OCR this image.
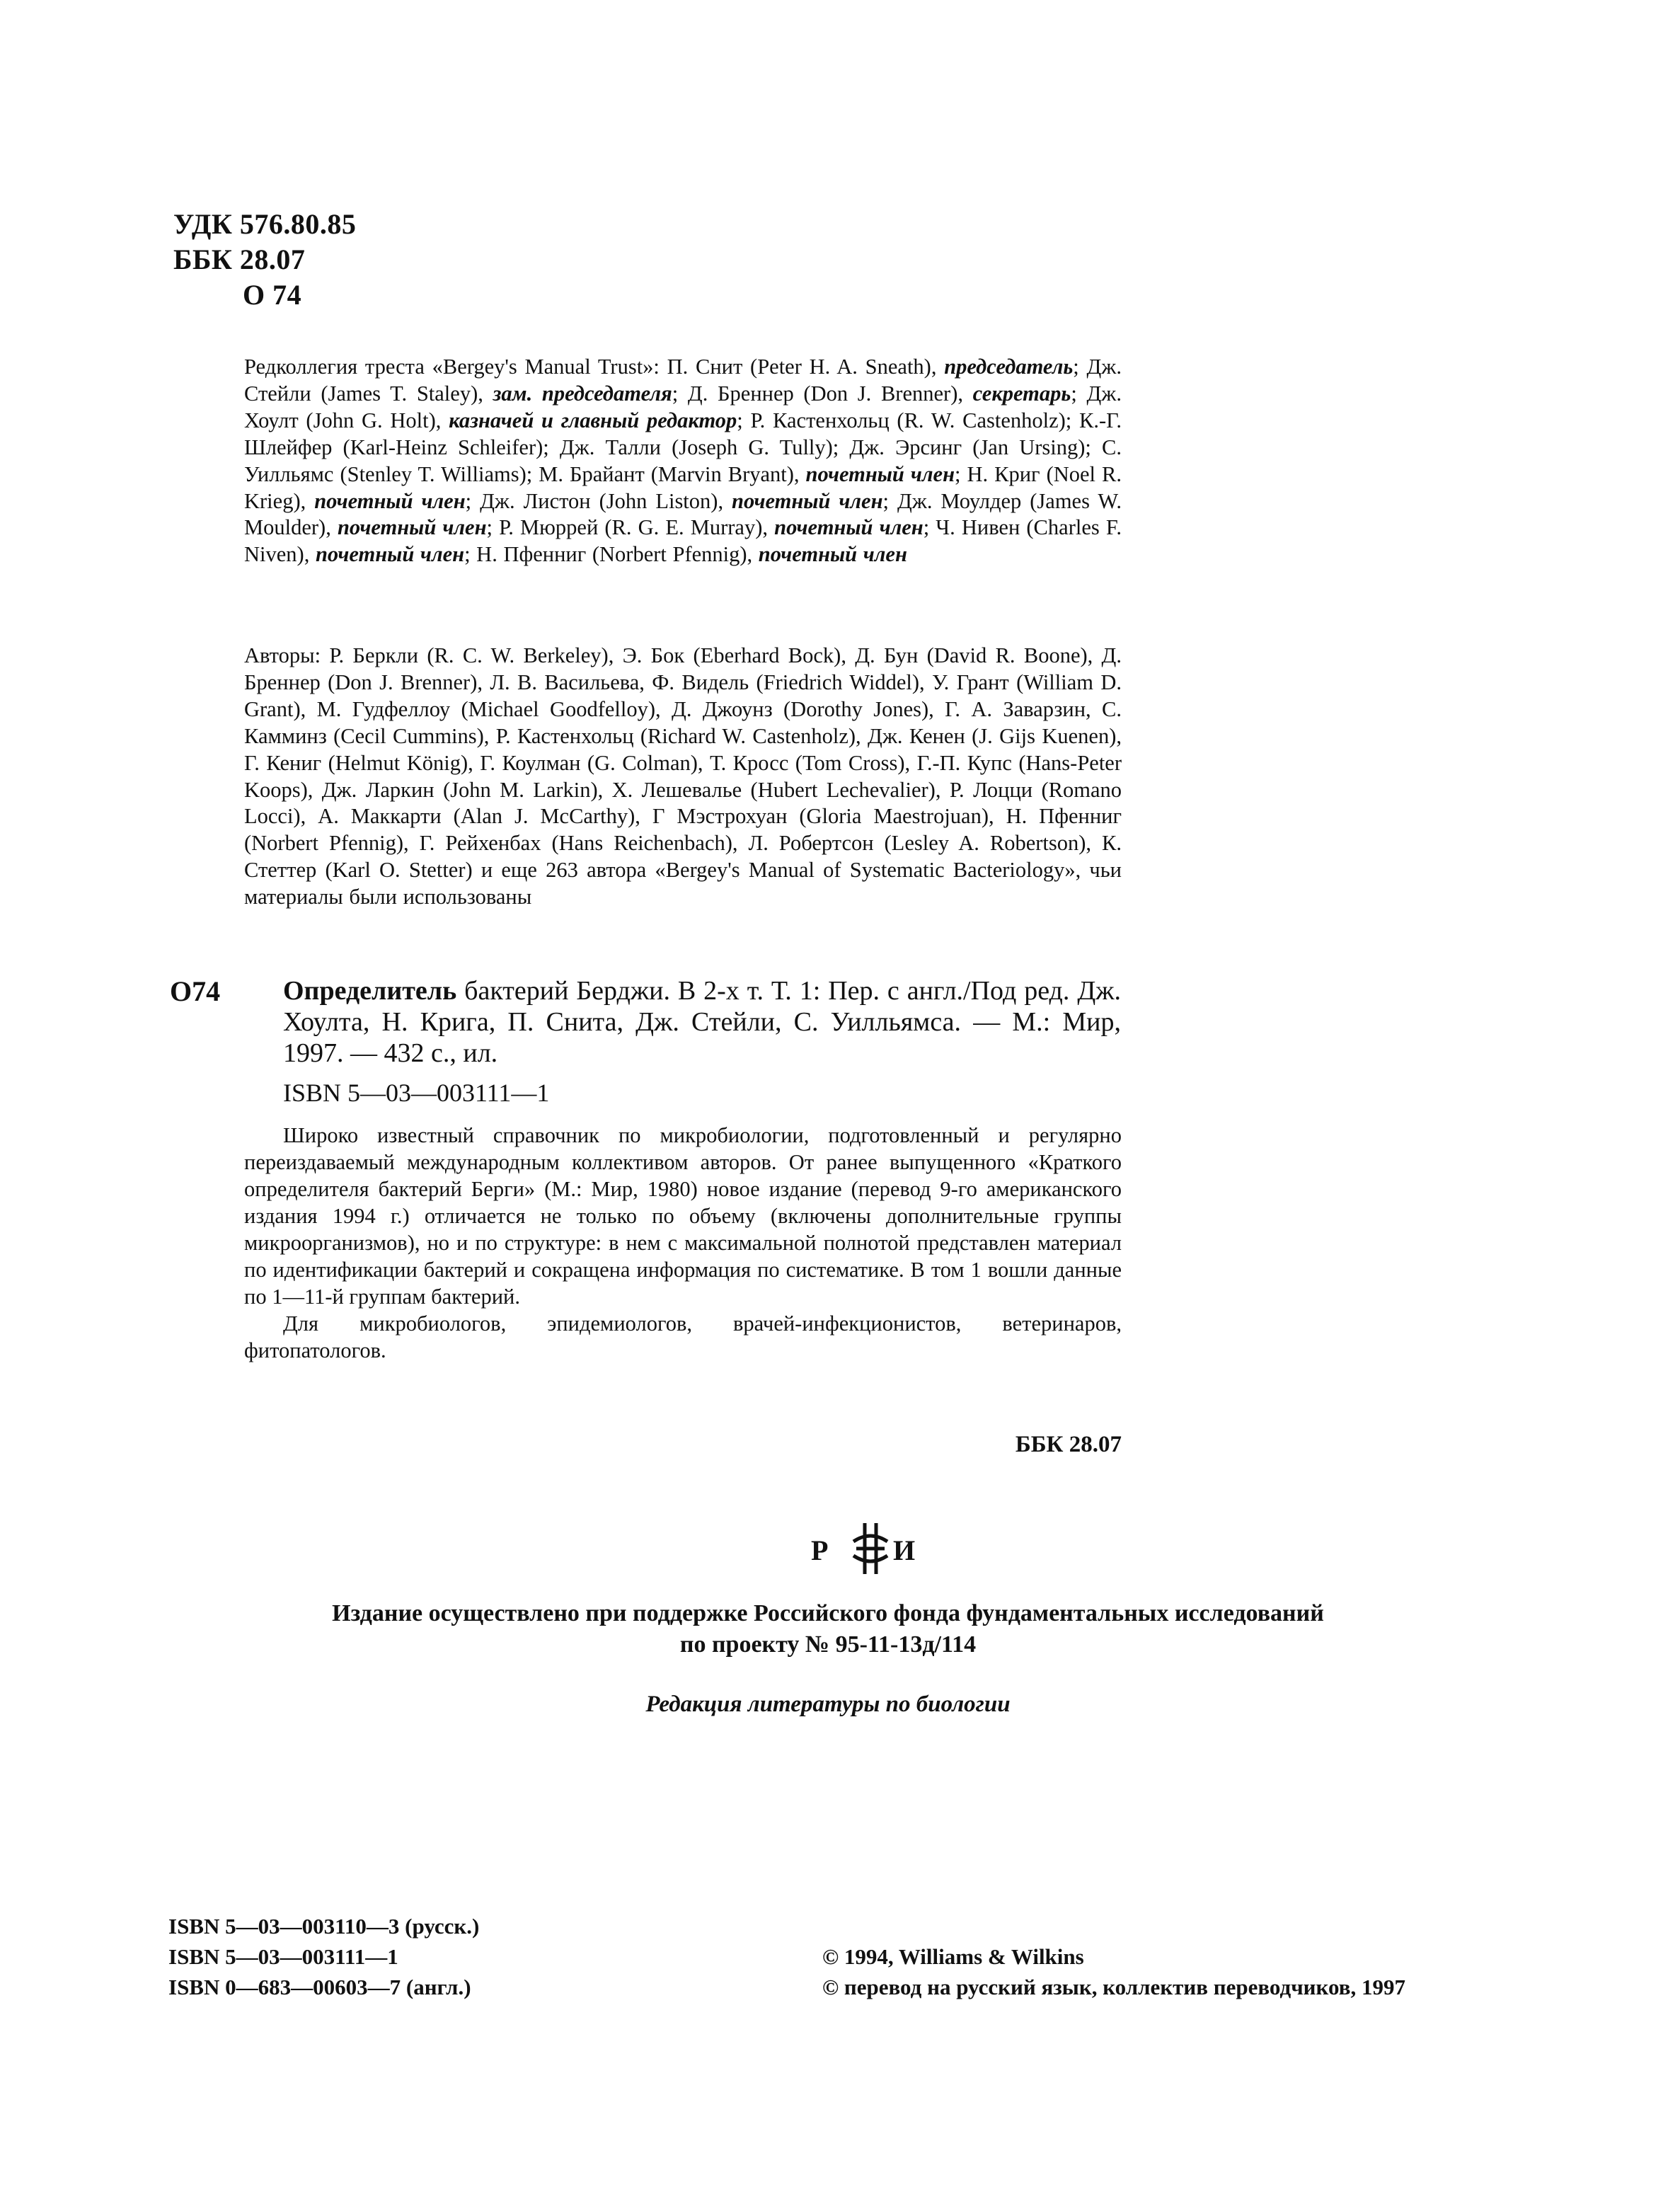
УДК 576.80.85
ББК 28.07
О 74
Редколлегия треста «Bergey's Manual Trust»: П. Снит (Peter H. A. Sneath), председатель; Дж. Стейли (James T. Staley), зам. председателя; Д. Бреннер (Don J. Brenner), секретарь; Дж. Хоулт (John G. Holt), казначей и главный редактор; Р. Кастенхольц (R. W. Castenholz); К.-Г. Шлейфер (Karl-Heinz Schleifer); Дж. Талли (Joseph G. Tully); Дж. Эрсинг (Jan Ursing); С. Уилльямс (Stenley T. Williams); М. Брайант (Marvin Bryant), почетный член; Н. Криг (Noel R. Krieg), почетный член; Дж. Листон (John Liston), почетный член; Дж. Моулдер (James W. Moulder), почетный член; Р. Мюррей (R. G. E. Murray), почетный член; Ч. Нивен (Charles F. Niven), почетный член; Н. Пфенниг (Norbert Pfennig), почетный член
Авторы: Р. Беркли (R. C. W. Berkeley), Э. Бок (Eberhard Bock), Д. Бун (David R. Boone), Д. Бреннер (Don J. Brenner), Л. В. Васильева, Ф. Видель (Friedrich Widdel), У. Грант (William D. Grant), М. Гудфеллоу (Michael Goodfelloy), Д. Джоунз (Dorothy Jones), Г. А. Заварзин, С. Камминз (Cecil Cummins), Р. Кастенхольц (Richard W. Castenholz), Дж. Кенен (J. Gijs Kuenen), Г. Кениг (Helmut König), Г. Коулман (G. Colman), Т. Кросс (Tom Cross), Г.-П. Купс (Hans-Peter Koops), Дж. Ларкин (John M. Larkin), Х. Лешевалье (Hubert Lechevalier), Р. Лоцци (Romano Locci), А. Маккарти (Alan J. McCarthy), Г Мэстрохуан (Gloria Maestrojuan), Н. Пфенниг (Norbert Pfennig), Г. Рейхенбах (Hans Reichenbach), Л. Робертсон (Lesley A. Robertson), К. Стеттер (Karl O. Stetter) и еще 263 автора «Bergey's Manual of Systematic Bacteriology», чьи материалы были использованы
О74 Определитель бактерий Берджи. В 2-х т. Т. 1: Пер. с англ./Под ред. Дж. Хоулта, Н. Крига, П. Снита, Дж. Стейли, С. Уилльямса. — М.: Мир, 1997. — 432 с., ил.
ISBN 5—03—003111—1

Широко известный справочник по микробиологии, подготовленный и регулярно переиздаваемый международным коллективом авторов. От ранее выпущенного «Краткого определителя бактерий Берги» (М.: Мир, 1980) новое издание (перевод 9-го американского издания 1994 г.) отличается не только по объему (включены дополнительные группы микроорганизмов), но и по структуре: в нем с максимальной полнотой представлен материал по идентификации бактерий и сокращена информация по систематике. В том 1 вошли данные по 1—11-й группам бактерий.

Для микробиологов, эпидемиологов, врачей-инфекционистов, ветеринаров, фитопатологов.

ББК 28.07
Р И
Издание осуществлено при поддержке Российского фонда фундаментальных исследований
по проекту № 95-11-13д/114
Редакция литературы по биологии
ISBN 5—03—003110—3 (русск.)
ISBN 5—03—003111—1
ISBN 0—683—00603—7 (англ.)
© 1994, Williams & Wilkins
© перевод на русский язык, коллектив переводчиков, 1997
